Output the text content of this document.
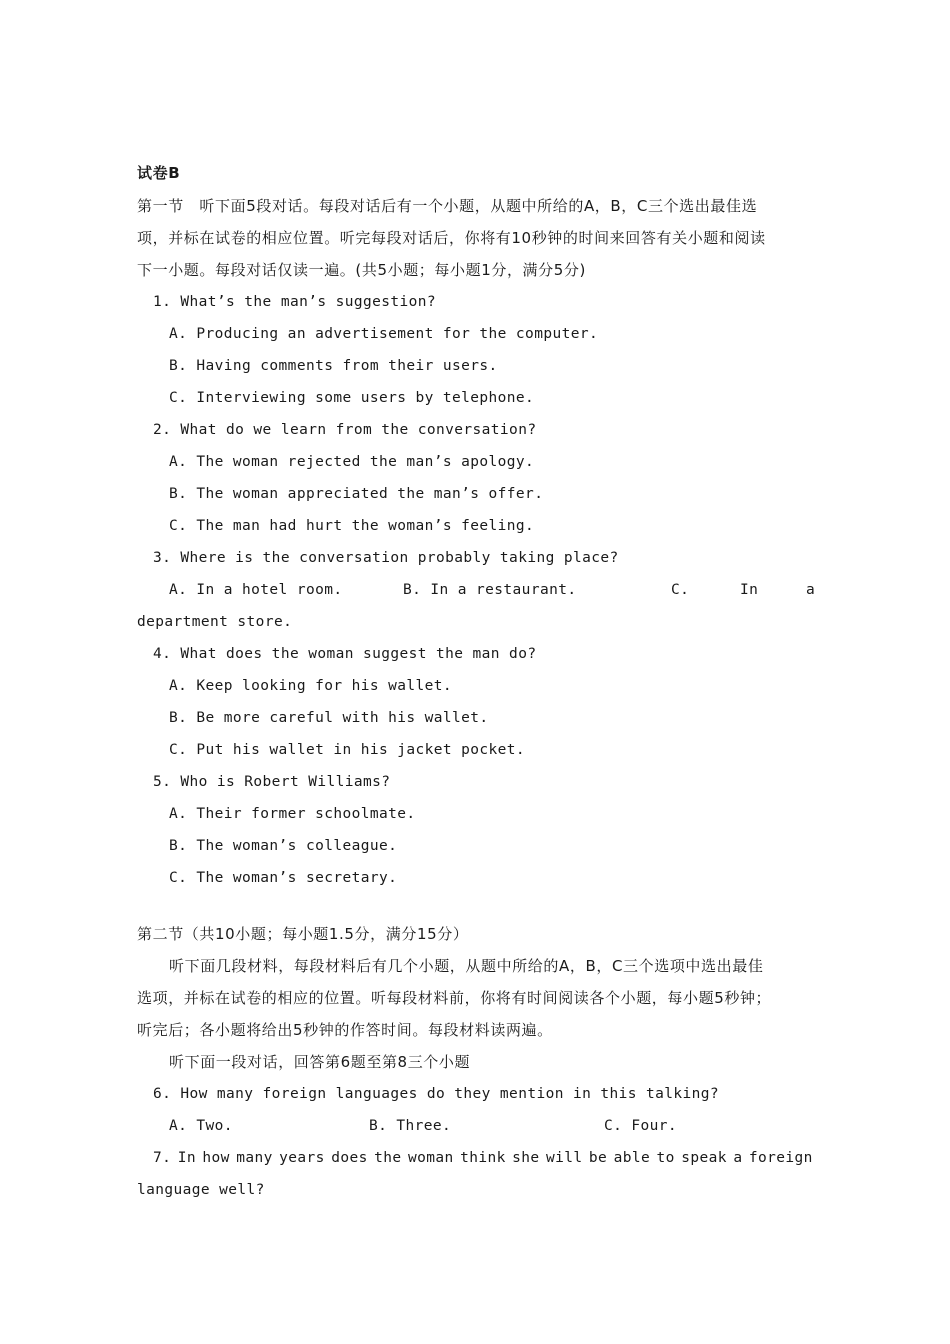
试卷B
第一节　听下面5段对话。每段对话后有一个小题，从题中所给的A，B，C三个选出最佳选
项，并标在试卷的相应位置。听完每段对话后，你将有10秒钟的时间来回答有关小题和阅读
下一小题。每段对话仅读一遍。(共5小题；每小题1分，满分5分)
1. What’s the man’s suggestion?
A. Producing an advertisement for the computer.
B. Having comments from their users.
C. Interviewing some users by telephone.
2. What do we learn from the conversation?
A. The woman rejected the man’s apology.
B. The woman appreciated the man’s offer.
C. The man had hurt the woman’s feeling.
3. Where is the conversation probably taking place?
A. In a hotel room.	B. In a restaurant.	C.	In	a
department store.
4. What does the woman suggest the man do?
A. Keep looking for his wallet.
B. Be more careful with his wallet.
C. Put his wallet in his jacket pocket.
5. Who is Robert Williams?
A. Their former schoolmate.
B. The woman’s colleague.
C. The woman’s secretary.
第二节（共10小题；每小题1.5分，满分15分）
听下面几段材料，每段材料后有几个小题，从题中所给的A，B，C三个选项中选出最佳
选项，并标在试卷的相应的位置。听每段材料前，你将有时间阅读各个小题，每小题5秒钟；
听完后；各小题将给出5秒钟的作答时间。每段材料读两遍。
听下面一段对话，回答第6题至第8三个小题
6. How many foreign languages do they mention in this talking?
A. Two.	B. Three.	C. Four.
7. In how many years does the woman think she will be able to speak a foreign
language well?
